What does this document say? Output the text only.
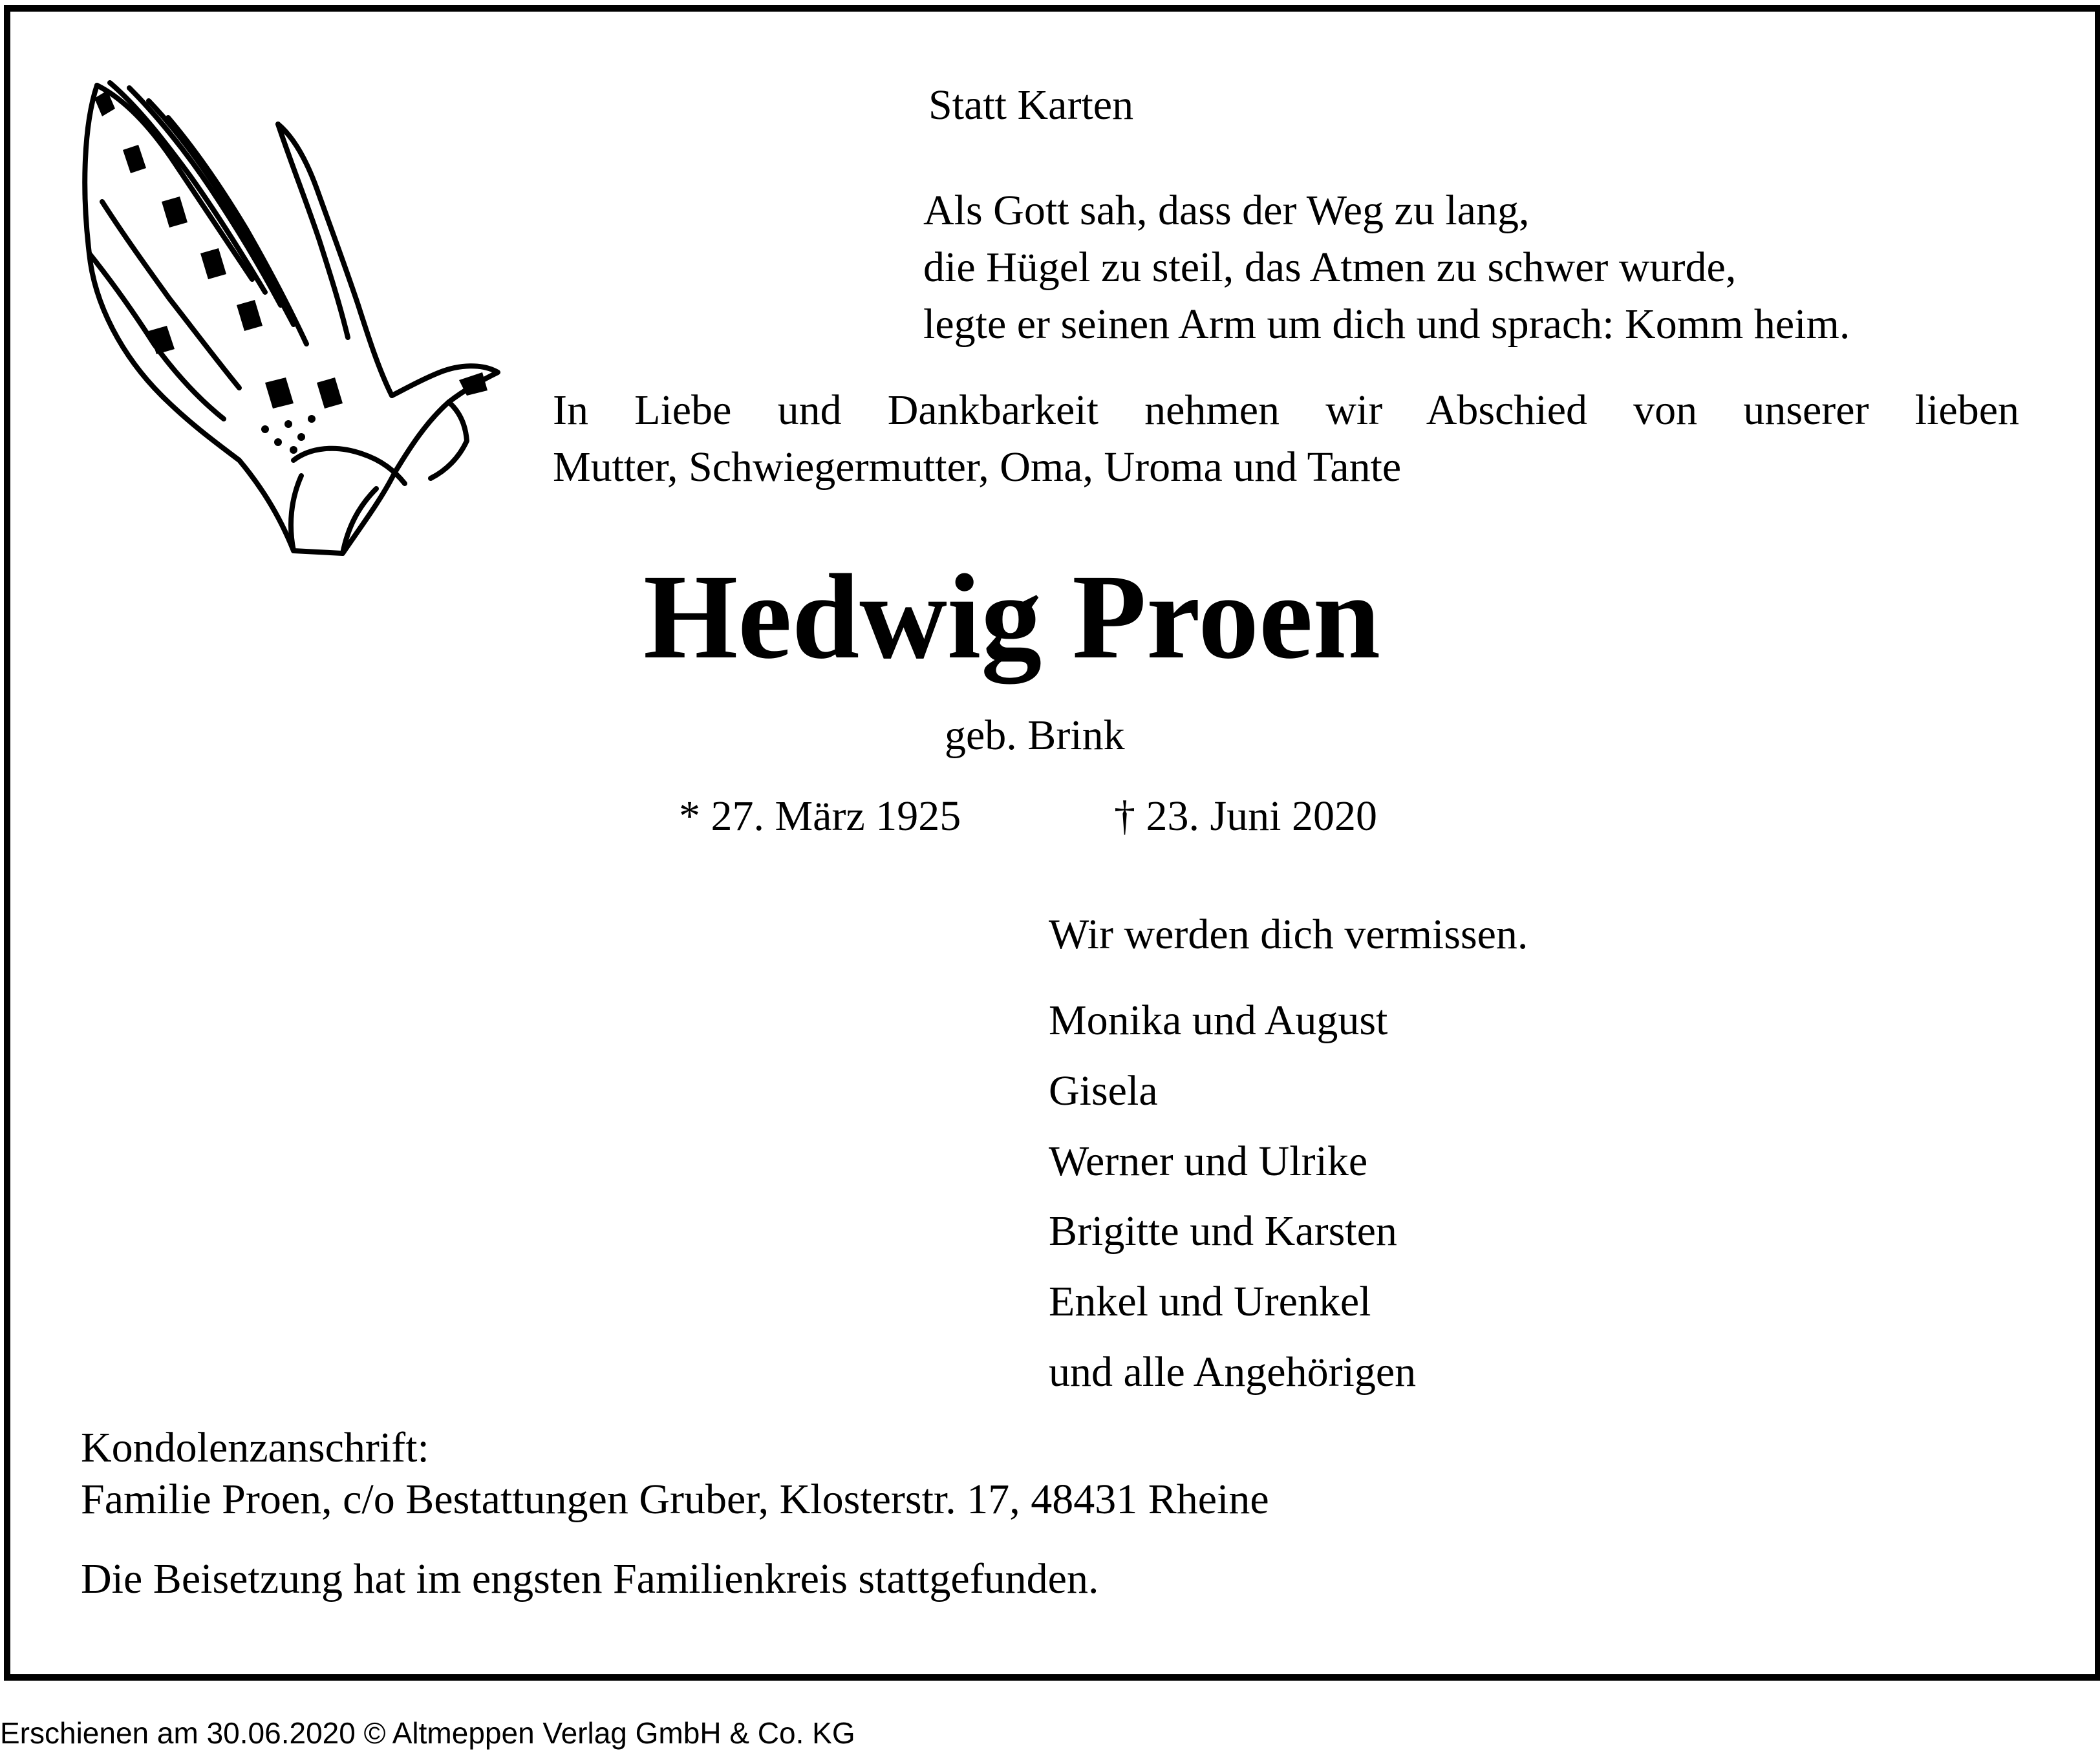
Statt Karten
Als Gott sah, dass der Weg zu lang,
die Hügel zu steil, das Atmen zu schwer wurde,
legte er seinen Arm um dich und sprach: Komm heim.
In Liebe und Dankbarkeit nehmen wir Abschied von unserer lieben
Mutter, Schwiegermutter, Oma, Uroma und Tante
Hedwig Proen
geb. Brink
* 27. März 1925	† 23. Juni 2020
Wir werden dich vermissen.
Monika und August
Gisela
Werner und Ulrike
Brigitte und Karsten
Enkel und Urenkel
und alle Angehörigen
Kondolenzanschrift:
Familie Proen, c/o Bestattungen Gruber, Klosterstr. 17, 48431 Rheine
Die Beisetzung hat im engsten Familienkreis stattgefunden.
Erschienen am 30.06.2020 © Altmeppen Verlag GmbH & Co. KG
